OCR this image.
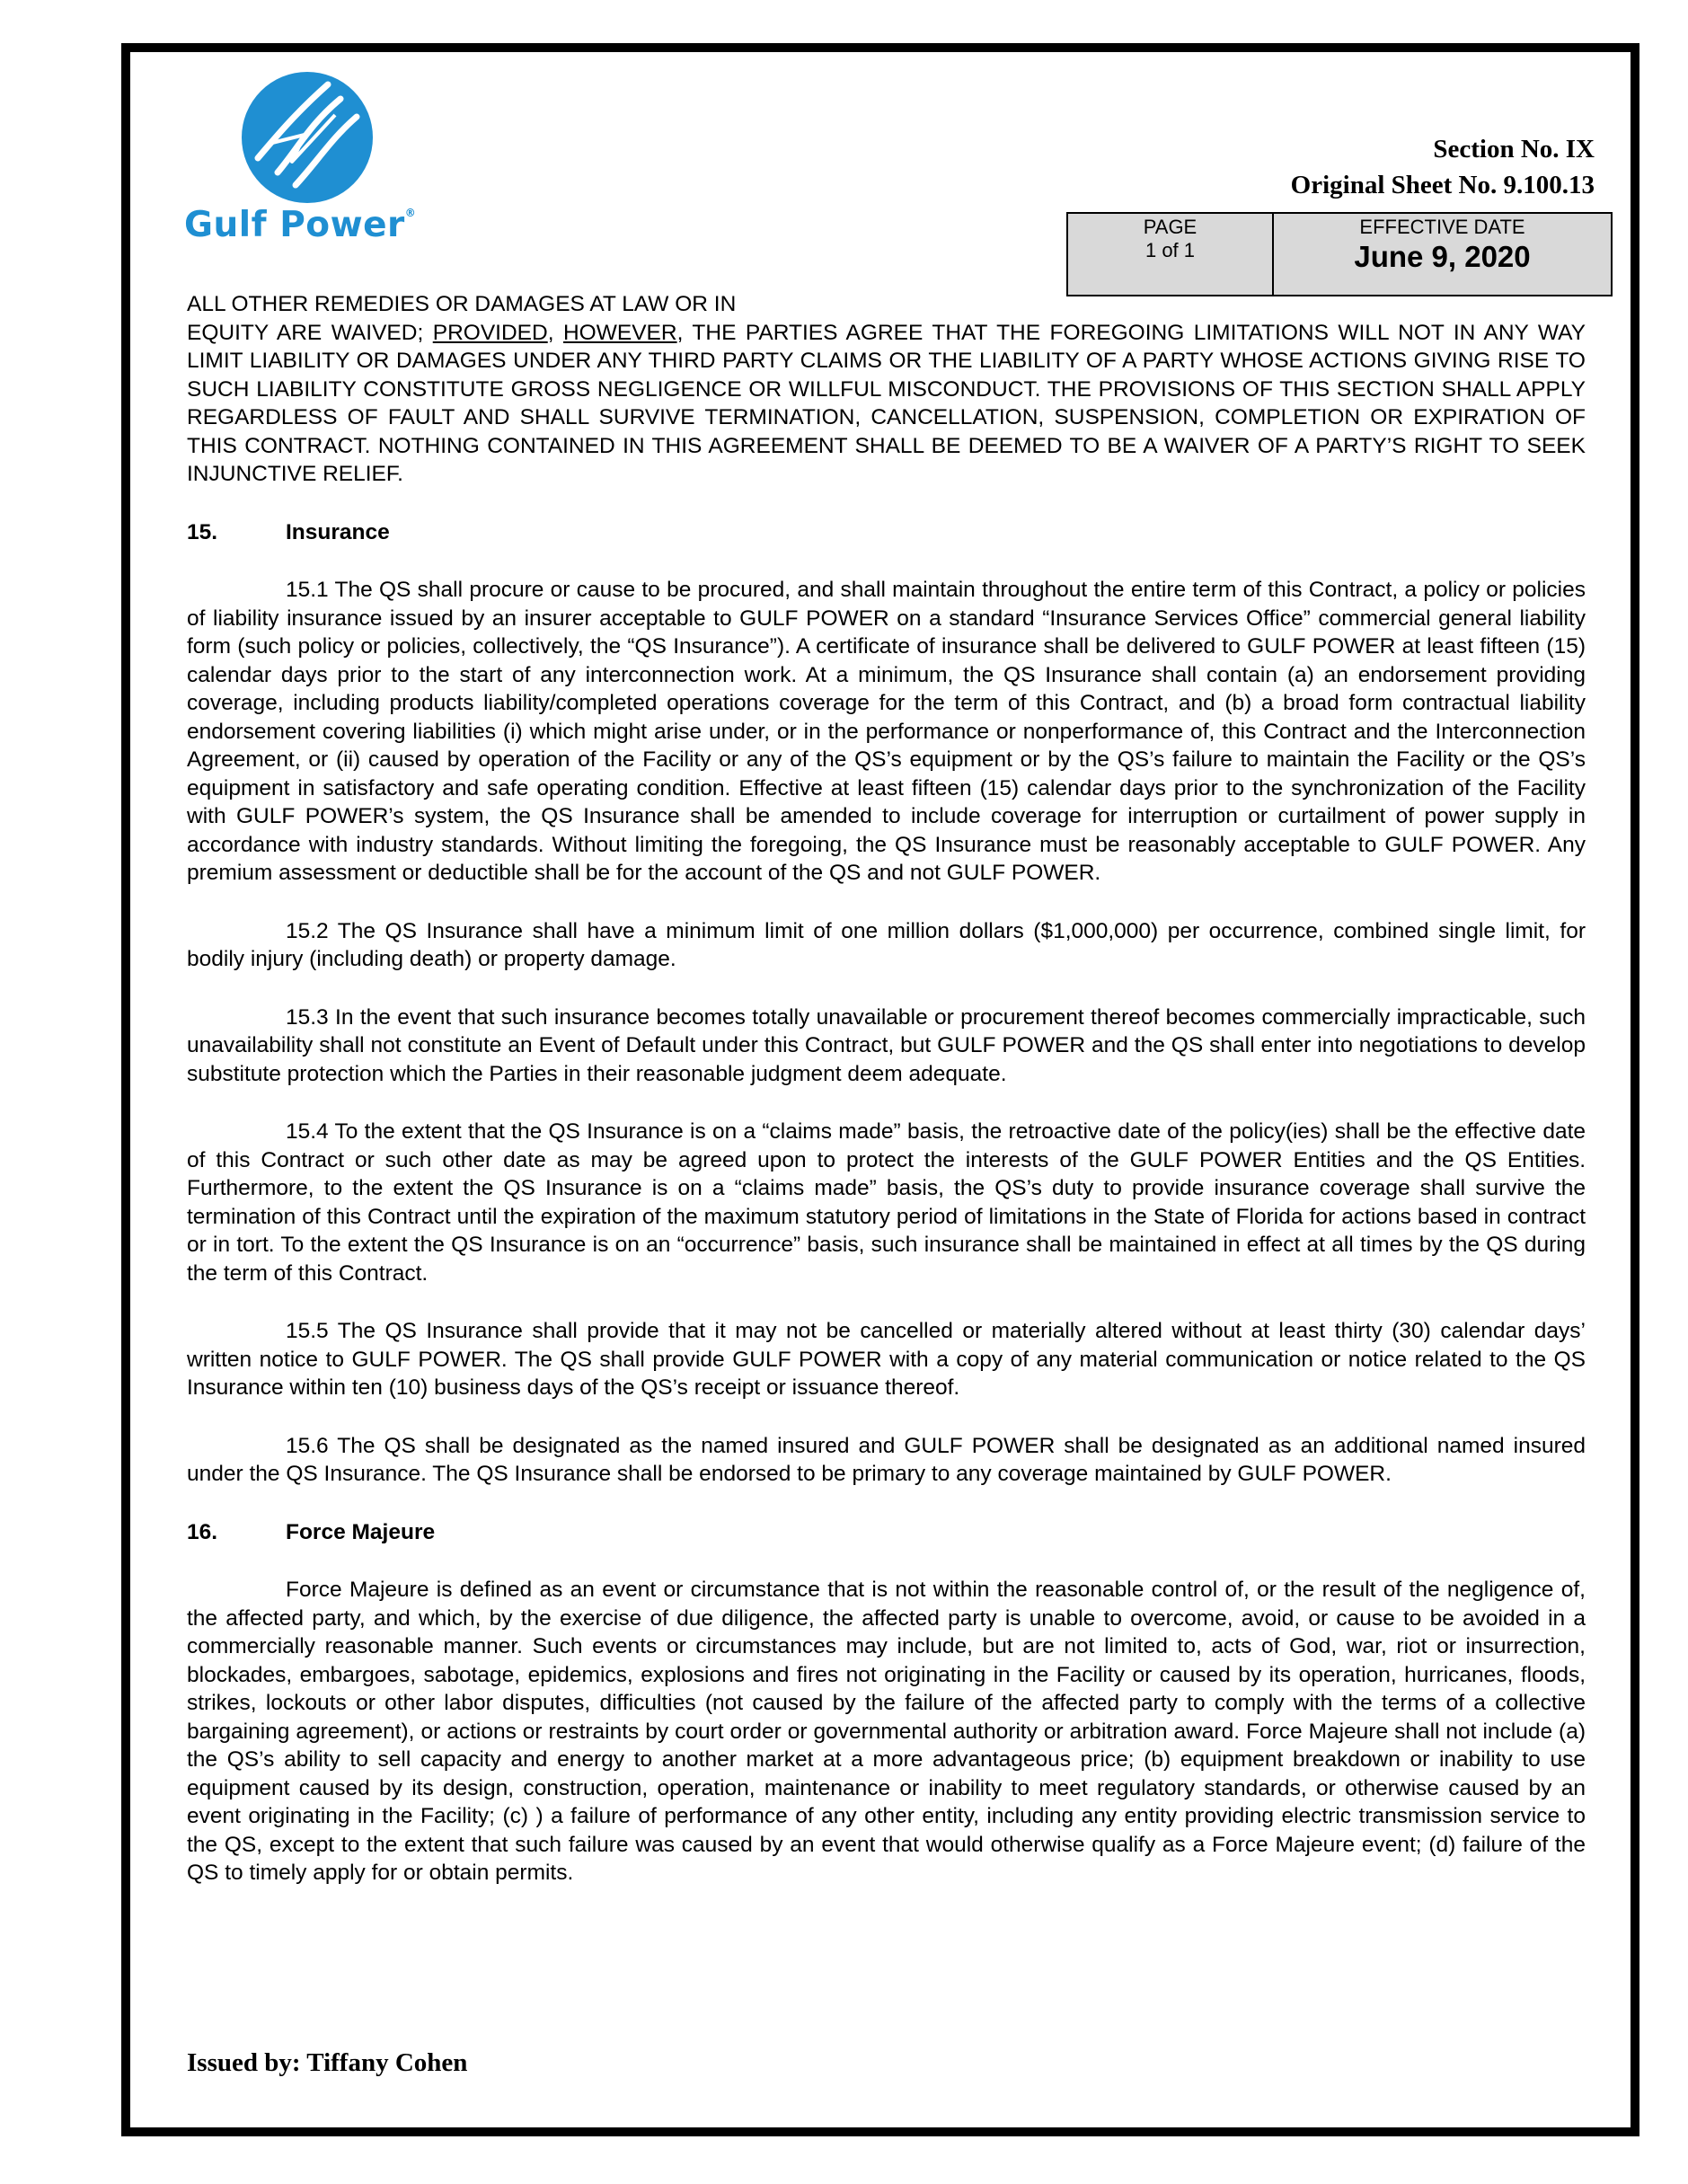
Gulf Power®
Section No. IX
Original Sheet No. 9.100.13
PAGE
1 of 1
EFFECTIVE DATE
June 9, 2020

ALL OTHER REMEDIES OR DAMAGES AT LAW OR IN

EQUITY ARE WAIVED; PROVIDED, HOWEVER, THE PARTIES AGREE THAT THE FOREGOING LIMITATIONS WILL NOT IN ANY WAY LIMIT LIABILITY OR DAMAGES UNDER ANY THIRD PARTY CLAIMS OR THE LIABILITY OF A PARTY WHOSE ACTIONS GIVING RISE TO SUCH LIABILITY CONSTITUTE GROSS NEGLIGENCE OR WILLFUL MISCONDUCT. THE PROVISIONS OF THIS SECTION SHALL APPLY REGARDLESS OF FAULT AND SHALL SURVIVE TERMINATION, CANCELLATION, SUSPENSION, COMPLETION OR EXPIRATION OF THIS CONTRACT. NOTHING CONTAINED IN THIS AGREEMENT SHALL BE DEEMED TO BE A WAIVER OF A PARTY’S RIGHT TO SEEK INJUNCTIVE RELIEF.

15.	Insurance

15.1 The QS shall procure or cause to be procured, and shall maintain throughout the entire term of this Contract, a policy or policies of liability insurance issued by an insurer acceptable to GULF POWER on a standard “Insurance Services Office” commercial general liability form (such policy or policies, collectively, the “QS Insurance”). A certificate of insurance shall be delivered to GULF POWER at least fifteen (15) calendar days prior to the start of any interconnection work. At a minimum, the QS Insurance shall contain (a) an endorsement providing coverage, including products liability/completed operations coverage for the term of this Contract, and (b) a broad form contractual liability endorsement covering liabilities (i) which might arise under, or in the performance or nonperformance of, this Contract and the Interconnection Agreement, or (ii) caused by operation of the Facility or any of the QS’s equipment or by the QS’s failure to maintain the Facility or the QS’s equipment in satisfactory and safe operating condition. Effective at least fifteen (15) calendar days prior to the synchronization of the Facility with GULF POWER’s system, the QS Insurance shall be amended to include coverage for interruption or curtailment of power supply in accordance with industry standards. Without limiting the foregoing, the QS Insurance must be reasonably acceptable to GULF POWER. Any premium assessment or deductible shall be for the account of the QS and not GULF POWER.

15.2 The QS Insurance shall have a minimum limit of one million dollars ($1,000,000) per occurrence, combined single limit, for bodily injury (including death) or property damage.

15.3 In the event that such insurance becomes totally unavailable or procurement thereof becomes commercially impracticable, such unavailability shall not constitute an Event of Default under this Contract, but GULF POWER and the QS shall enter into negotiations to develop substitute protection which the Parties in their reasonable judgment deem adequate.

15.4 To the extent that the QS Insurance is on a “claims made” basis, the retroactive date of the policy(ies) shall be the effective date of this Contract or such other date as may be agreed upon to protect the interests of the GULF POWER Entities and the QS Entities. Furthermore, to the extent the QS Insurance is on a “claims made” basis, the QS’s duty to provide insurance coverage shall survive the termination of this Contract until the expiration of the maximum statutory period of limitations in the State of Florida for actions based in contract or in tort. To the extent the QS Insurance is on an “occurrence” basis, such insurance shall be maintained in effect at all times by the QS during the term of this Contract.

15.5 The QS Insurance shall provide that it may not be cancelled or materially altered without at least thirty (30) calendar days’ written notice to GULF POWER. The QS shall provide GULF POWER with a copy of any material communication or notice related to the QS Insurance within ten (10) business days of the QS’s receipt or issuance thereof.

15.6 The QS shall be designated as the named insured and GULF POWER shall be designated as an additional named insured under the QS Insurance. The QS Insurance shall be endorsed to be primary to any coverage maintained by GULF POWER.

16.	Force Majeure

Force Majeure is defined as an event or circumstance that is not within the reasonable control of, or the result of the negligence of, the affected party, and which, by the exercise of due diligence, the affected party is unable to overcome, avoid, or cause to be avoided in a commercially reasonable manner. Such events or circumstances may include, but are not limited to, acts of God, war, riot or insurrection, blockades, embargoes, sabotage, epidemics, explosions and fires not originating in the Facility or caused by its operation, hurricanes, floods, strikes, lockouts or other labor disputes, difficulties (not caused by the failure of the affected party to comply with the terms of a collective bargaining agreement), or actions or restraints by court order or governmental authority or arbitration award. Force Majeure shall not include (a) the QS’s ability to sell capacity and energy to another market at a more advantageous price; (b) equipment breakdown or inability to use equipment caused by its design, construction, operation, maintenance or inability to meet regulatory standards, or otherwise caused by an event originating in the Facility; (c) ) a failure of performance of any other entity, including any entity providing electric transmission service to the QS, except to the extent that such failure was caused by an event that would otherwise qualify as a Force Majeure event; (d) failure of the QS to timely apply for or obtain permits.

Issued by: Tiffany Cohen
